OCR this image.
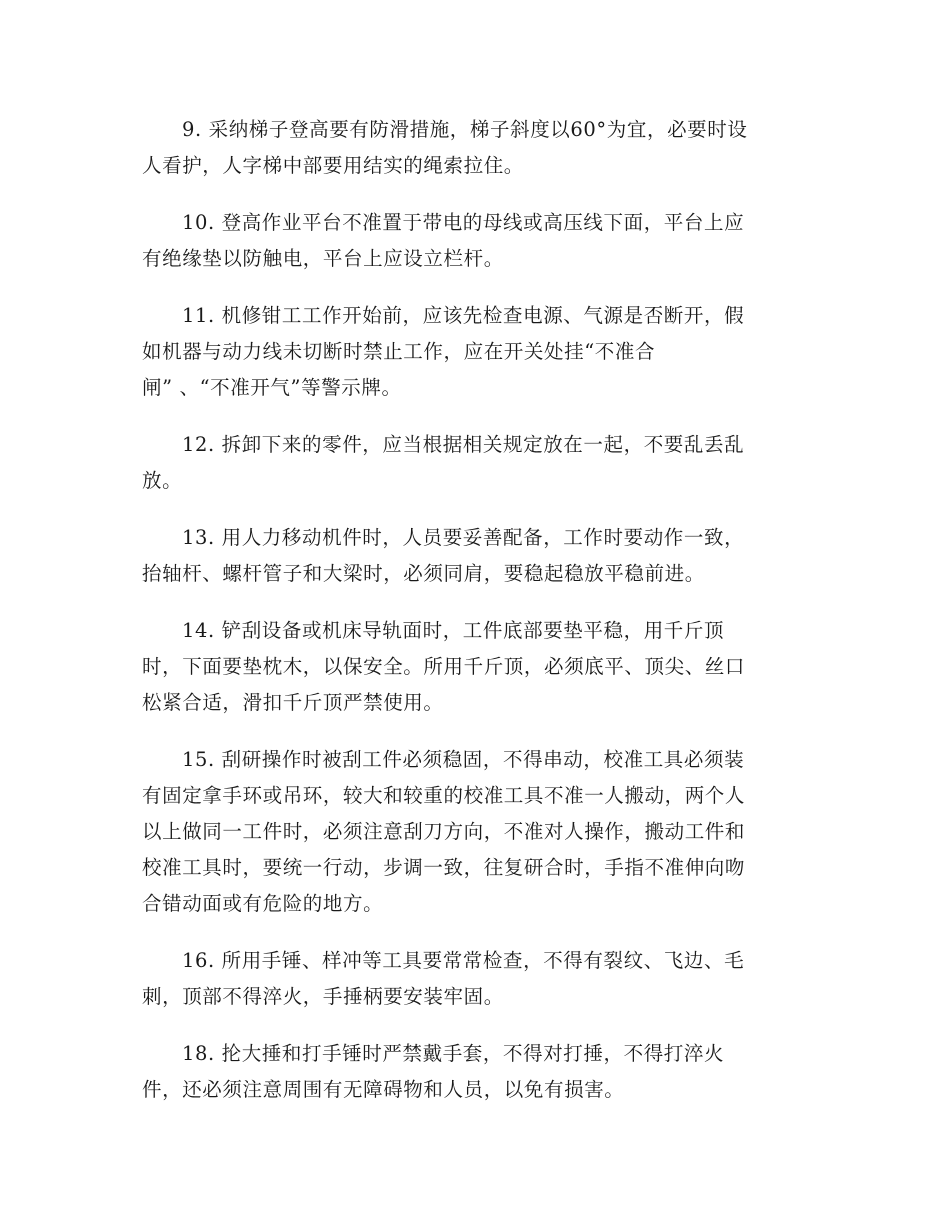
9. 采纳梯子登高要有防滑措施，梯子斜度以60°为宜，必要时设
人看护，人字梯中部要用结实的绳索拉住。

10. 登高作业平台不准置于带电的母线或高压线下面，平台上应
有绝缘垫以防触电，平台上应设立栏杆。

11. 机修钳工工作开始前，应该先检查电源、气源是否断开，假
如机器与动力线未切断时禁止工作，应在开关处挂“不准合
闸” 、“不准开气”等警示牌。

12. 拆卸下来的零件，应当根据相关规定放在一起，不要乱丢乱
放。

13. 用人力移动机件时，人员要妥善配备，工作时要动作一致，
抬轴杆、螺杆管子和大梁时，必须同肩，要稳起稳放平稳前进。

14. 铲刮设备或机床导轨面时，工件底部要垫平稳，用千斤顶
时，下面要垫枕木，以保安全。所用千斤顶，必须底平、顶尖、丝口
松紧合适，滑扣千斤顶严禁使用。

15. 刮研操作时被刮工件必须稳固，不得串动，校准工具必须装
有固定拿手环或吊环，较大和较重的校准工具不准一人搬动，两个人
以上做同一工件时，必须注意刮刀方向，不准对人操作，搬动工件和
校准工具时，要统一行动，步调一致，往复研合时，手指不准伸向吻
合错动面或有危险的地方。

16. 所用手锤、样冲等工具要常常检查，不得有裂纹、飞边、毛
刺，顶部不得淬火，手捶柄要安装牢固。

18. 抡大捶和打手锤时严禁戴手套，不得对打捶，不得打淬火
件，还必须注意周围有无障碍物和人员，以免有损害。
